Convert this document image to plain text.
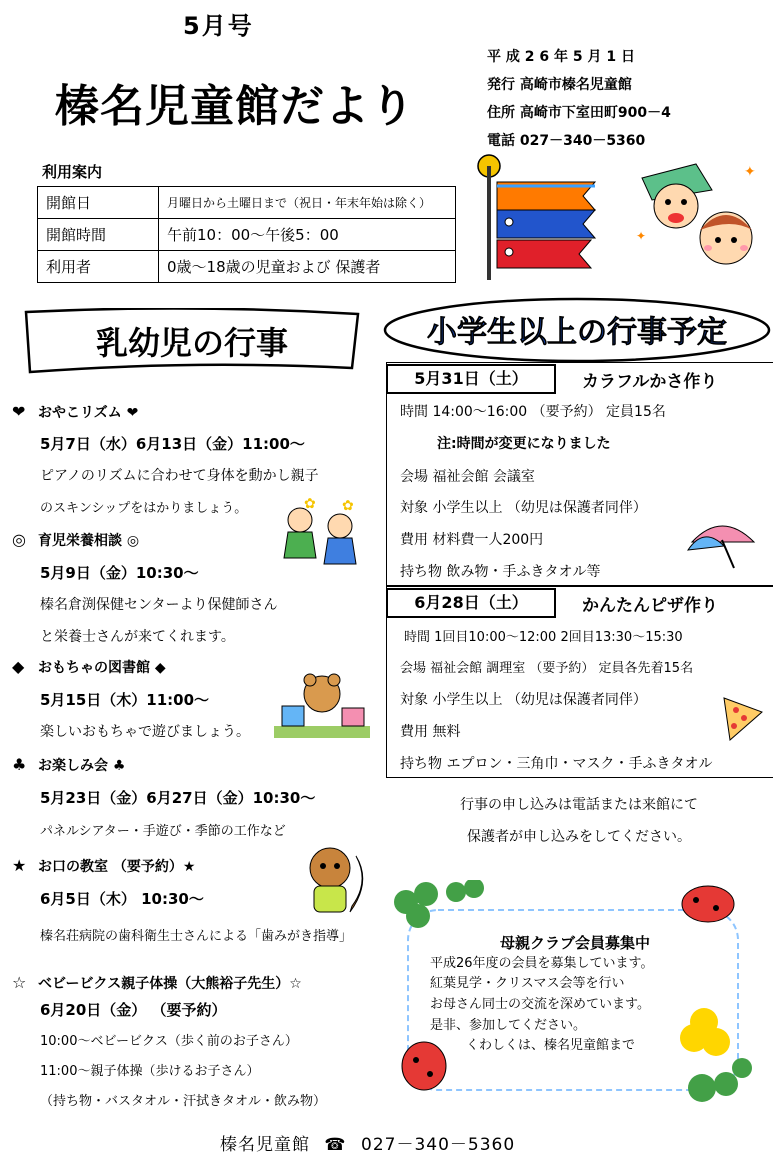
5月号
榛名児童館だより
平 成 2 6 年 5 月 1 日
発行 高崎市榛名児童館
住所 高崎市下室田町900－4
電話 027－340－5360
✦
✦
利用案内
開館日	月曜日から土曜日まで（祝日・年末年始は除く）
開館時間	午前10：00～午後5：00
利用者	0歳～18歳の児童および 保護者
乳幼児の行事	小学生以上の行事予定
❤ おやこリズム ❤
5月7日（水）6月13日（金）11:00～
ピアノのリズムに合わせて身体を動かし親子
のスキンシップをはかりましょう。
◎ 育児栄養相談 ◎
5月9日（金）10:30～
榛名倉渕保健センターより保健師さん
と栄養士さんが来てくれます。
◆ おもちゃの図書館 ◆
5月15日（木）11:00～
楽しいおもちゃで遊びましょう。
♣ お楽しみ会 ♣
5月23日（金）6月27日（金）10:30～
パネルシアター・手遊び・季節の工作など
★ お口の教室 （要予約）★
6月5日（木） 10:30～
榛名荘病院の歯科衛生士さんによる「歯みがき指導」
☆ ベビービクス親子体操（大熊裕子先生）☆
6月20日（金） （要予約）
10:00～ベビービクス（歩く前のお子さん）
11:00～親子体操（歩けるお子さん）
（持ち物・バスタオル・汗拭きタオル・飲み物）
✿ ✿
5月31日（土）	カラフルかさ作り
時間 14:00～16:00 （要予約） 定員15名
注:時間が変更になりました
会場 福祉会館 会議室
対象 小学生以上 （幼児は保護者同伴）
費用 材料費一人200円
持ち物 飲み物・手ふきタオル等
6月28日（土）	かんたんピザ作り
時間 1回目10:00～12:00 2回目13:30～15:30
会場 福祉会館 調理室 （要予約） 定員各先着15名
対象 小学生以上 （幼児は保護者同伴）
費用 無料
持ち物 エプロン・三角巾・マスク・手ふきタオル
行事の申し込みは電話または来館にて
保護者が申し込みをしてください。
母親クラブ会員募集中
平成26年度の会員を募集しています。
紅葉見学・クリスマス会等を行い
お母さん同士の交流を深めています。
是非、参加してください。
くわしくは、榛名児童館まで
榛名児童館 ☎ 027－340－5360
